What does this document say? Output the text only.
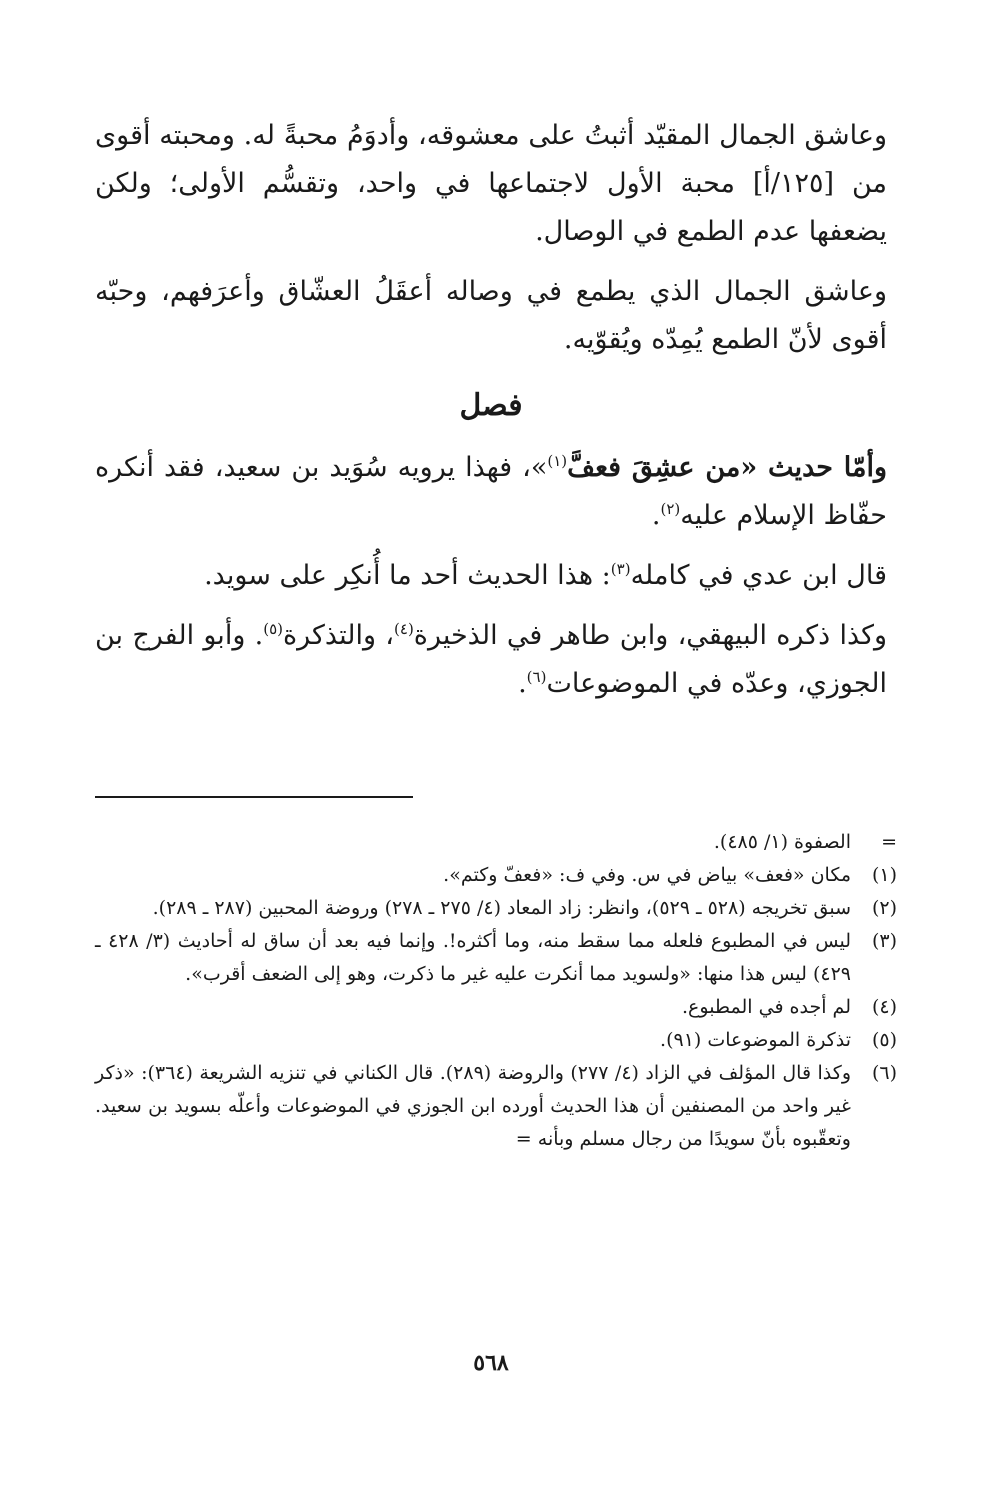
وعاشق الجمال المقيّد أثبتُ على معشوقه، وأدوَمُ محبةً له. ومحبته أقوى من [١٢٥/أ] محبة الأول لاجتماعها في واحد، وتقسُّم الأولى؛ ولكن يضعفها عدم الطمع في الوصال.

وعاشق الجمال الذي يطمع في وصاله أعقَلُ العشّاق وأعرَفهم، وحبّه أقوى لأنّ الطمع يُمِدّه ويُقوّيه.

فصل

وأمّا حديث «من عشِقَ فعفَّ$^{(١)}$»، فهذا يرويه سُوَيد بن سعيد، فقد أنكره حفّاظ الإسلام عليه$^{(٢)}$.

قال ابن عدي في كامله$^{(٣)}$: هذا الحديث أحد ما أُنكِر على سويد.

وكذا ذكره البيهقي، وابن طاهر في الذخيرة$^{(٤)}$، والتذكرة$^{(٥)}$. وأبو الفرج بن الجوزي، وعدّه في الموضوعات$^{(٦)}$.

=
الصفوة (١/ ٤٨٥).
(١)
مكان «فعف» بياض في س. وفي ف: «فعفّ وكتم».
(٢)
سبق تخريجه (٥٢٨ ـ ٥٢٩)، وانظر: زاد المعاد (٤/ ٢٧٥ ـ ٢٧٨) وروضة المحبين (٢٨٧ ـ ٢٨٩).
(٣)
ليس في المطبوع فلعله مما سقط منه، وما أكثره!. وإنما فيه بعد أن ساق له أحاديث (٣/ ٤٢٨ ـ ٤٢٩) ليس هذا منها: «ولسويد مما أنكرت عليه غير ما ذكرت، وهو إلى الضعف أقرب».
(٤)
لم أجده في المطبوع.
(٥)
تذكرة الموضوعات (٩١).
(٦)
وكذا قال المؤلف في الزاد (٤/ ٢٧٧) والروضة (٢٨٩). قال الكناني في تنزيه الشريعة (٣٦٤): «ذكر غير واحد من المصنفين أن هذا الحديث أورده ابن الجوزي في الموضوعات وأعلّه بسويد بن سعيد. وتعقّبوه بأنّ سويدًا من رجال مسلم وبأنه =
٥٦٨
